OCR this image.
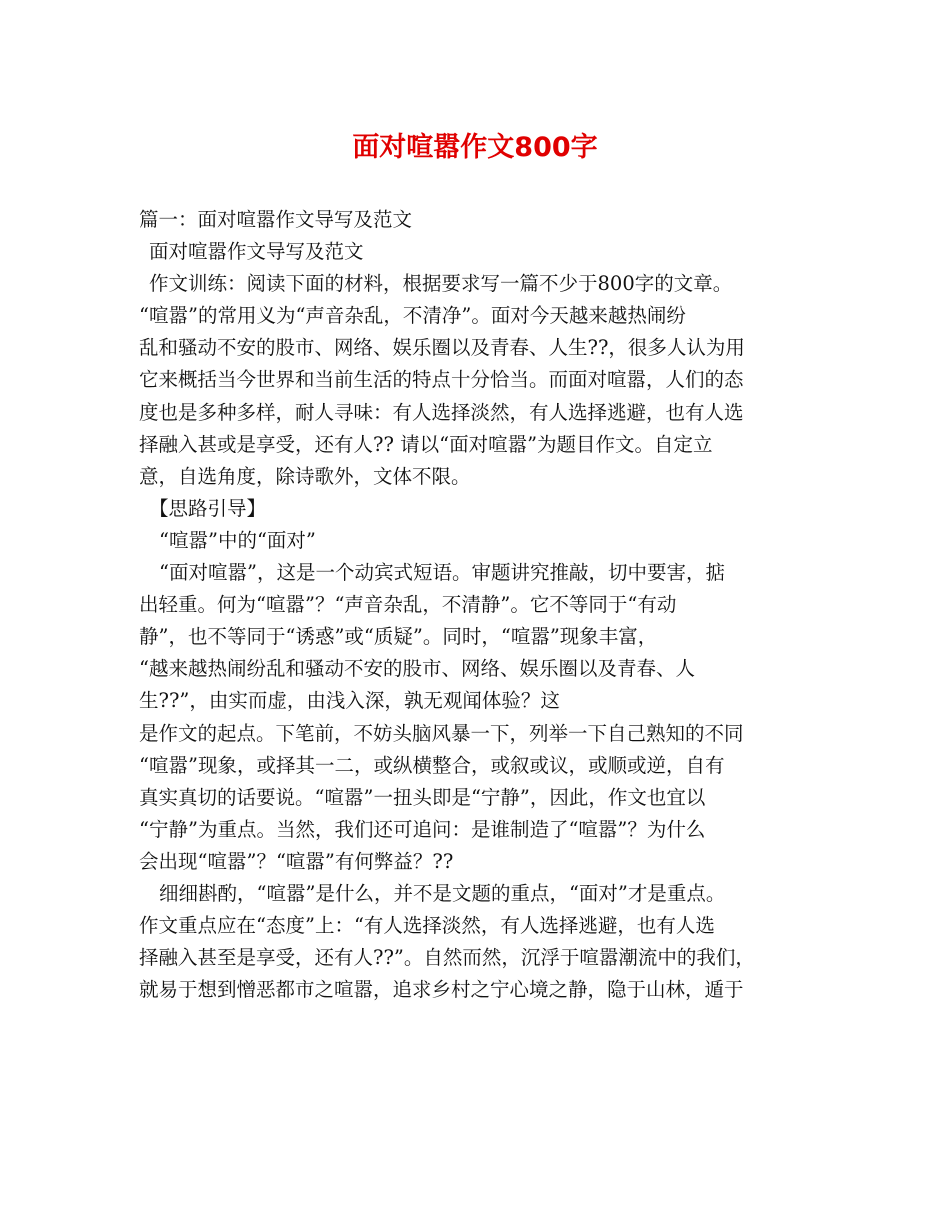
面对喧嚣作文800字
篇一：面对喧嚣作文导写及范文
面对喧嚣作文导写及范文
作文训练：阅读下面的材料，根据要求写一篇不少于800字的文章。
“喧嚣”的常用义为“声音杂乱，不清净”。面对今天越来越热闹纷
乱和骚动不安的股市、网络、娱乐圈以及青春、人生??，很多人认为用
它来概括当今世界和当前生活的特点十分恰当。而面对喧嚣，人们的态
度也是多种多样，耐人寻味：有人选择淡然，有人选择逃避，也有人选
择融入甚或是享受，还有人?? 请以“面对喧嚣”为题目作文。自定立
意，自选角度，除诗歌外，文体不限。
【思路引导】
“喧嚣”中的“面对”
“面对喧嚣”，这是一个动宾式短语。审题讲究推敲，切中要害，掂
出轻重。何为“喧嚣”？“声音杂乱，不清静”。它不等同于“有动
静”，也不等同于“诱惑”或“质疑”。同时，“喧嚣”现象丰富，
“越来越热闹纷乱和骚动不安的股市、网络、娱乐圈以及青春、人
生??”，由实而虚，由浅入深，孰无观闻体验？这
是作文的起点。下笔前，不妨头脑风暴一下，列举一下自己熟知的不同
“喧嚣”现象，或择其一二，或纵横整合，或叙或议，或顺或逆，自有
真实真切的话要说。“喧嚣”一扭头即是“宁静”，因此，作文也宜以
“宁静”为重点。当然，我们还可追问：是谁制造了“喧嚣”？为什么
会出现“喧嚣”？“喧嚣”有何弊益？??
细细斟酌，“喧嚣”是什么，并不是文题的重点，“面对”才是重点。
作文重点应在“态度”上：“有人选择淡然，有人选择逃避，也有人选
择融入甚至是享受，还有人??”。自然而然，沉浮于喧嚣潮流中的我们，
就易于想到憎恶都市之喧嚣，追求乡村之宁心境之静，隐于山林，遁于
